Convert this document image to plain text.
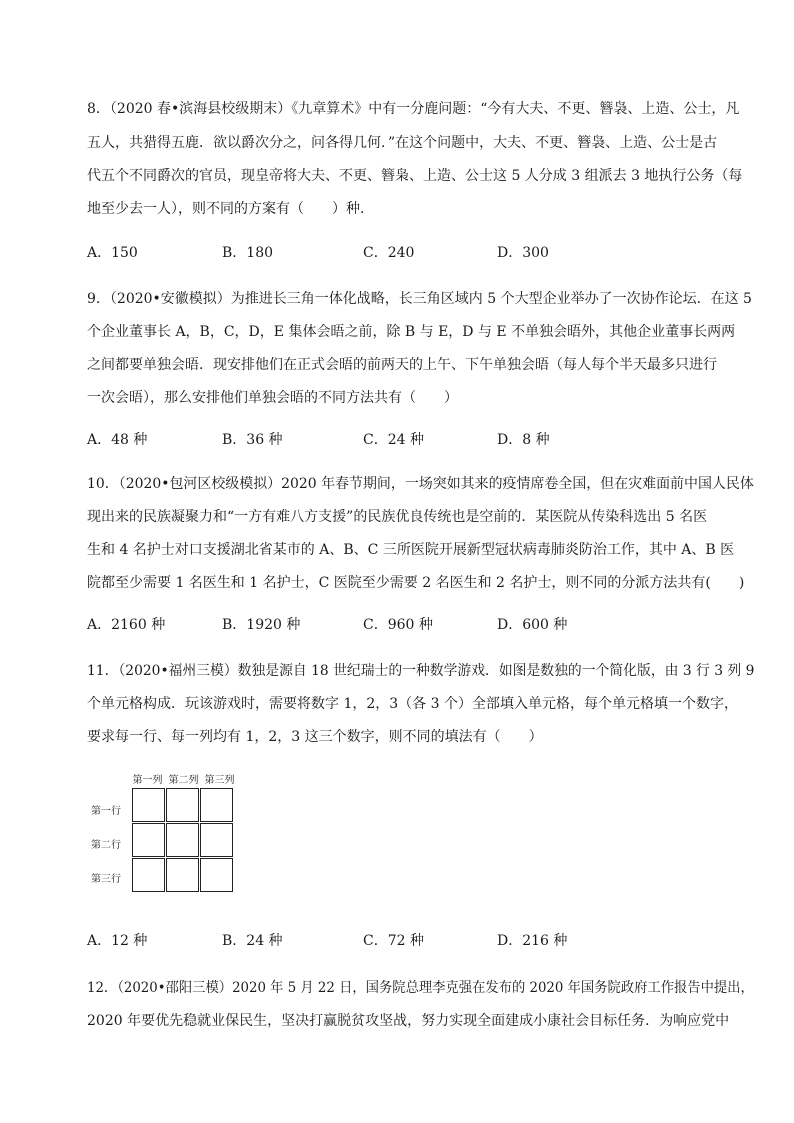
8．（2020 春•滨海县校级期末）《九章算术》中有一分鹿问题：“今有大夫、不更、簪袅、上造、公士，凡
五人，共猎得五鹿．欲以爵次分之，问各得几何．”在这个问题中，大夫、不更、簪袅、上造、公士是古
代五个不同爵次的官员，现皇帝将大夫、不更、簪枭、上造、公士这 5 人分成 3 组派去 3 地执行公务（每
地至少去一人），则不同的方案有（　　）种．
A．150	B．180	C．240	D．300
9．（2020•安徽模拟）为推进长三角一体化战略，长三角区域内 5 个大型企业举办了一次协作论坛．在这 5
个企业董事长 A，B，C，D，E 集体会晤之前，除 B 与 E，D 与 E 不单独会晤外，其他企业董事长两两
之间都要单独会晤．现安排他们在正式会晤的前两天的上午、下午单独会晤（每人每个半天最多只进行
一次会晤），那么安排他们单独会晤的不同方法共有（　　）
A．48 种	B．36 种	C．24 种	D．8 种
10．（2020•包河区校级模拟）2020 年春节期间，一场突如其来的疫情席卷全国，但在灾难面前中国人民体
现出来的民族凝聚力和“一方有难八方支援”的民族优良传统也是空前的．某医院从传染科选出 5 名医
生和 4 名护士对口支援湖北省某市的 A、B、C 三所医院开展新型冠状病毒肺炎防治工作，其中 A、B 医
院都至少需要 1 名医生和 1 名护士，C 医院至少需要 2 名医生和 2 名护士，则不同的分派方法共有(　　)
A．2160 种	B．1920 种	C．960 种	D．600 种
11．（2020•福州三模）数独是源自 18 世纪瑞士的一种数学游戏．如图是数独的一个简化版，由 3 行 3 列 9
个单元格构成．玩该游戏时，需要将数字 1，2，3（各 3 个）全部填入单元格，每个单元格填一个数字，
要求每一行、每一列均有 1，2，3 这三个数字，则不同的填法有（　　）
第一列 第二列 第三列
第一行
第二行
第三行
A．12 种	B．24 种	C．72 种	D．216 种
12．（2020•邵阳三模）2020 年 5 月 22 日，国务院总理李克强在发布的 2020 年国务院政府工作报告中提出，
2020 年要优先稳就业保民生，坚决打赢脱贫攻坚战，努力实现全面建成小康社会目标任务．为响应党中
